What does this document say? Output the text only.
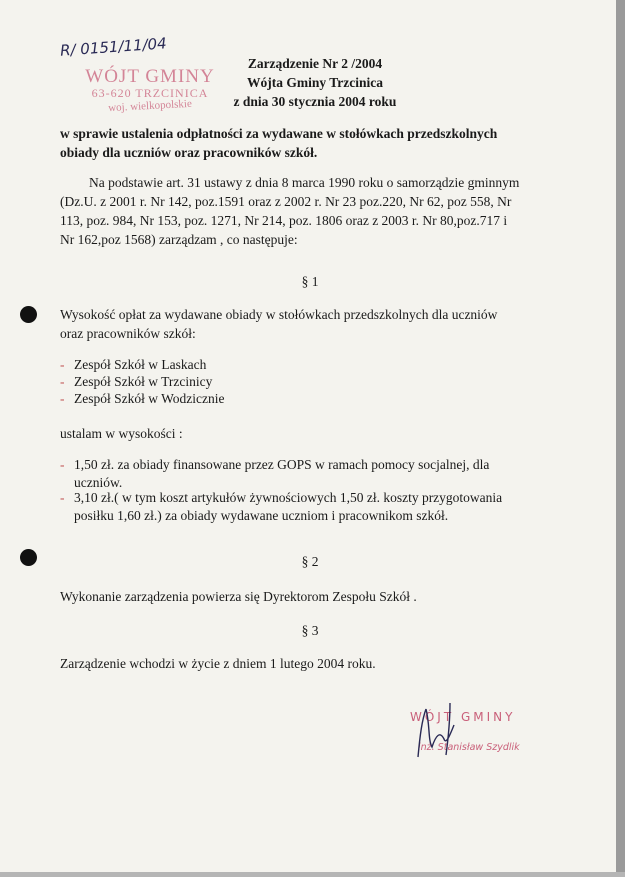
R/ 0151/11/04
WÓJT GMINY
63-620 TRZCINICA
woj. wielkopolskie
Zarządzenie Nr 2 /2004
Wójta Gminy Trzcinica
z dnia 30 stycznia 2004 roku
w sprawie ustalenia odpłatności za wydawane w stołówkach przedszkolnych
obiady dla uczniów oraz pracowników szkół.
Na podstawie art. 31 ustawy z dnia 8 marca 1990 roku o samorządzie gminnym
(Dz.U. z 2001 r. Nr 142, poz.1591 oraz z 2002 r. Nr 23 poz.220, Nr 62, poz 558, Nr
113, poz. 984, Nr 153, poz. 1271, Nr 214, poz. 1806 oraz z 2003 r. Nr 80,poz.717 i
Nr 162,poz 1568) zarządzam , co następuje:
§ 1
Wysokość opłat za wydawane obiady w stołówkach przedszkolnych dla uczniów
oraz pracowników szkół:
- Zespół Szkół w Laskach
- Zespół Szkół w Trzcinicy
- Zespół Szkół w Wodzicznie
ustalam w wysokości :
- 1,50 zł. za obiady finansowane przez GOPS w ramach pomocy socjalnej, dla
uczniów.
- 3,10 zł.( w tym koszt artykułów żywnościowych 1,50 zł. koszty przygotowania
posiłku 1,60 zł.) za obiady wydawane uczniom i pracownikom szkół.
§ 2
Wykonanie zarządzenia powierza się Dyrektorom Zespołu Szkół .
§ 3
Zarządzenie wchodzi w życie z dniem 1 lutego 2004 roku.
WÓJT GMINY
inż. Stanisław Szydlik
